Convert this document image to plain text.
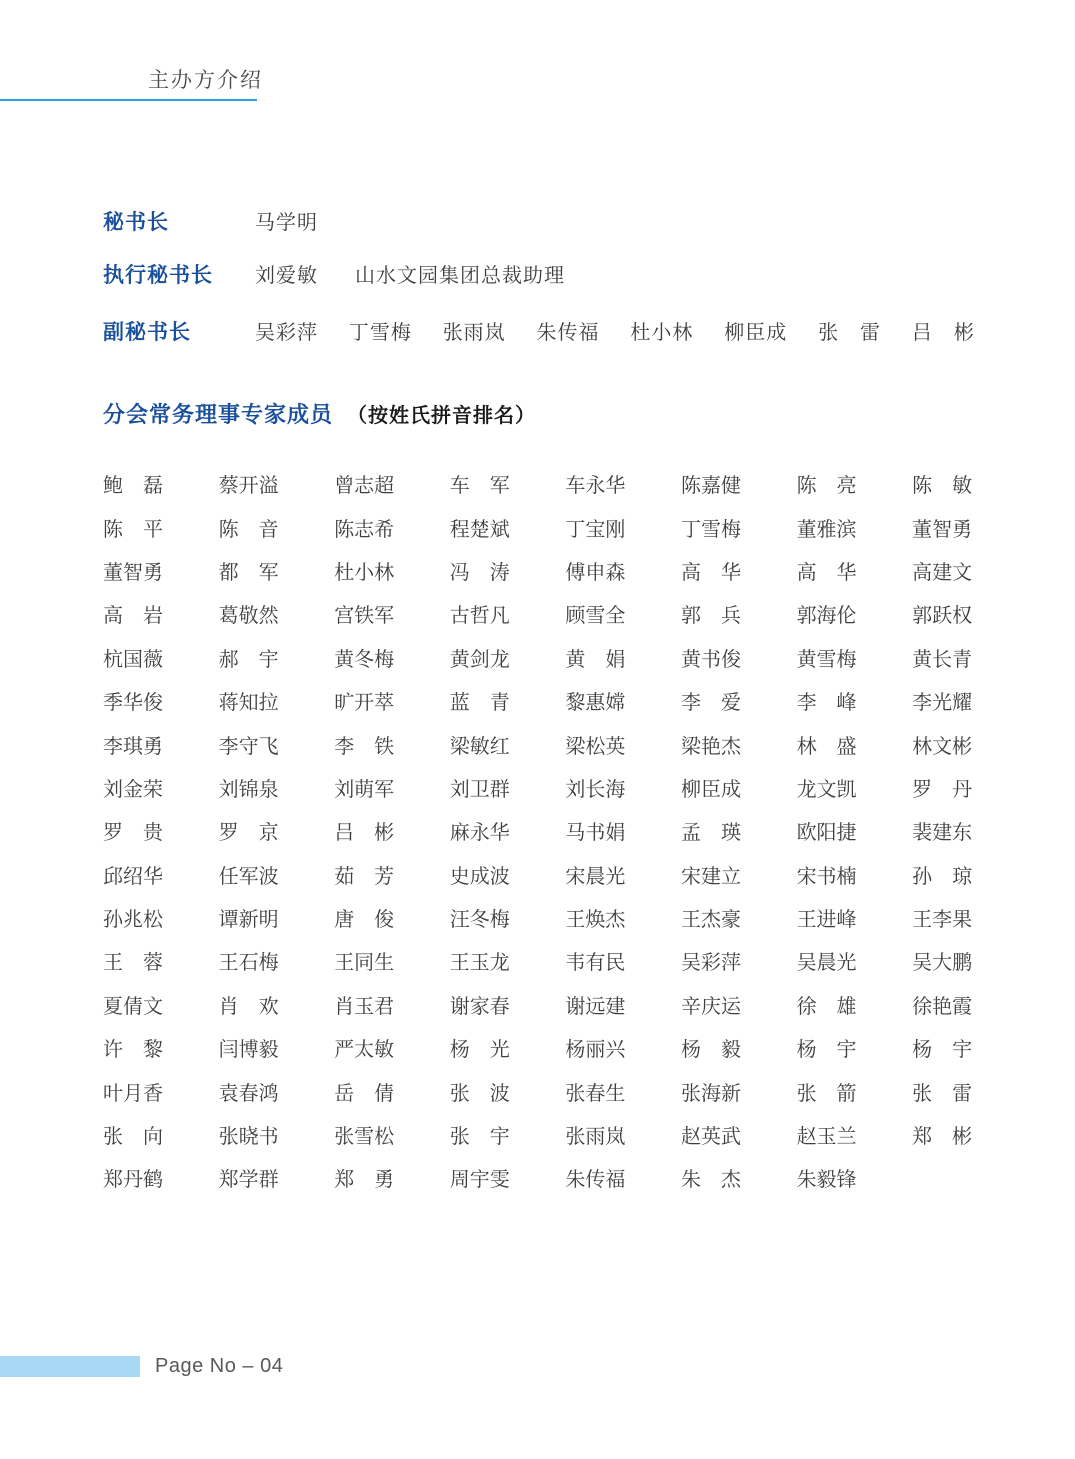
主办方介绍
秘书长	马学明
执行秘书长	刘爱敏	山水文园集团总裁助理
副秘书长	吴彩萍 丁雪梅 张雨岚 朱传福 杜小林 柳臣成 张　雷 吕　彬
分会常务理事专家成员 （按姓氏拼音排名）
鲍　磊	蔡开溢	曾志超	车　军	车永华	陈嘉健	陈　亮	陈　敏
陈　平	陈　音	陈志希	程楚斌	丁宝刚	丁雪梅	董雅滨	董智勇
董智勇	都　军	杜小林	冯　涛	傅申森	高　华	高　华	高建文
高　岩	葛敬然	宫铁军	古哲凡	顾雪全	郭　兵	郭海伦	郭跃权
杭国薇	郝　宇	黄冬梅	黄剑龙	黄　娟	黄书俊	黄雪梅	黄长青
季华俊	蒋知拉	旷开萃	蓝　青	黎惠嫦	李　爱	李　峰	李光耀
李琪勇	李守飞	李　铁	梁敏红	梁松英	梁艳杰	林　盛	林文彬
刘金荣	刘锦泉	刘萌军	刘卫群	刘长海	柳臣成	龙文凯	罗　丹
罗　贵	罗　京	吕　彬	麻永华	马书娟	孟　瑛	欧阳捷	裴建东
邱绍华	任军波	茹　芳	史成波	宋晨光	宋建立	宋书楠	孙　琼
孙兆松	谭新明	唐　俊	汪冬梅	王焕杰	王杰豪	王进峰	王李果
王　蓉	王石梅	王同生	王玉龙	韦有民	吴彩萍	吴晨光	吴大鹏
夏倩文	肖　欢	肖玉君	谢家春	谢远建	辛庆运	徐　雄	徐艳霞
许　黎	闫博毅	严太敏	杨　光	杨丽兴	杨　毅	杨　宇	杨　宇
叶月香	袁春鸿	岳　倩	张　波	张春生	张海新	张　箭	张　雷
张　向	张晓书	张雪松	张　宇	张雨岚	赵英武	赵玉兰	郑　彬
郑丹鹤	郑学群	郑　勇	周宇雯	朱传福	朱　杰	朱毅锋
Page No – 04
